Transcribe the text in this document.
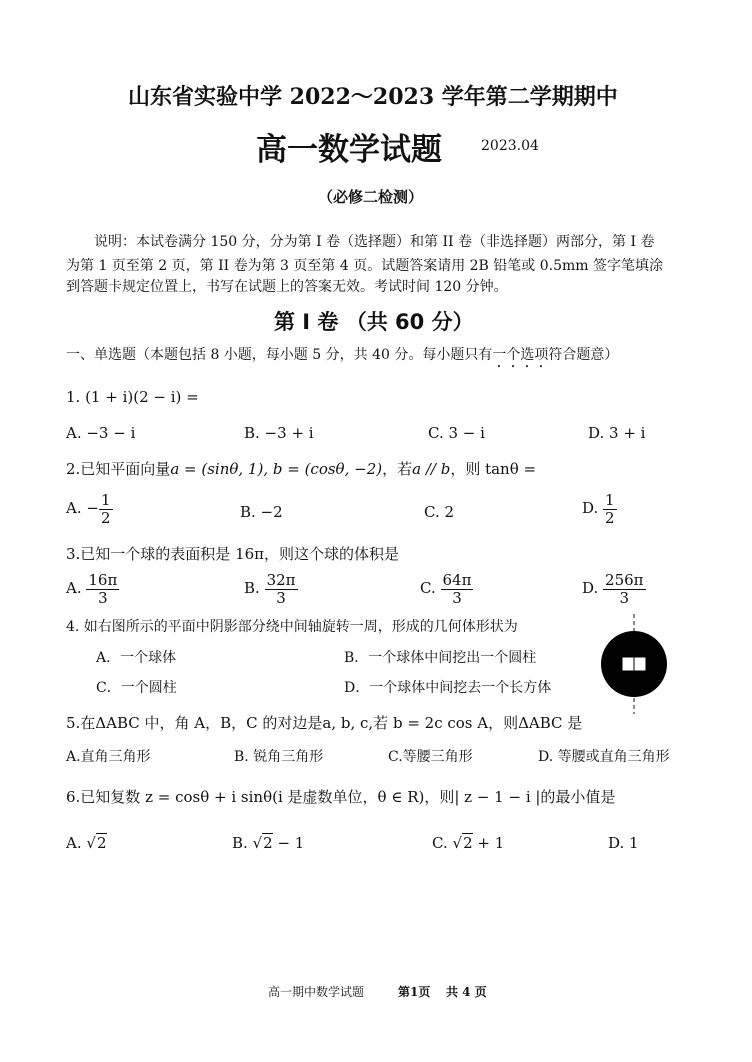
山东省实验中学 2022～2023 学年第二学期期中
高一数学试题	2023.04
（必修二检测）
说明：本试卷满分 150 分，分为第 I 卷（选择题）和第 II 卷（非选择题）两部分，第 I 卷
为第 1 页至第 2 页，第 II 卷为第 3 页至第 4 页。试题答案请用 2B 铅笔或 0.5mm 签字笔填涂
到答题卡规定位置上，书写在试题上的答案无效。考试时间 120 分钟。
第 I 卷 （共 60 分）
一、单选题（本题包括 8 小题，每小题 5 分，共 40 分。每小题只有一个选项符合题意）
1. (1 + i)(2 − i) =
A. −3 − i	B. −3 + i	C. 3 − i	D. 3 + i
2.已知平面向量a = (sinθ, 1), b = (cosθ, −2)，若a // b，则 tanθ =
A. − $\frac{1}{2}$	B. −2	C. 2	D. $\frac{1}{2}$
3.已知一个球的表面积是 16π，则这个球的体积是
A. $\frac{16\pi}{3}$	B. $\frac{32\pi}{3}$	C. $\frac{64\pi}{3}$	D. $\frac{256\pi}{3}$
4. 如右图所示的平面中阴影部分绕中间轴旋转一周，形成的几何体形状为
A．一个球体	B．一个球体中间挖出一个圆柱
C．一个圆柱	D．一个球体中间挖去一个长方体
5.在ΔABC 中，角 A，B，C 的对边是a, b, c,若 b = 2c cos A，则ΔABC 是
A.直角三角形	B. 锐角三角形	C.等腰三角形	D. 等腰或直角三角形
6.已知复数 z = cosθ + i sinθ(i 是虚数单位，θ ∈ R)，则| z − 1 − i |的最小值是
A. √2	B. √2 − 1	C. √2 + 1	D. 1
高一期中数学试题	第1页 共 4 页
